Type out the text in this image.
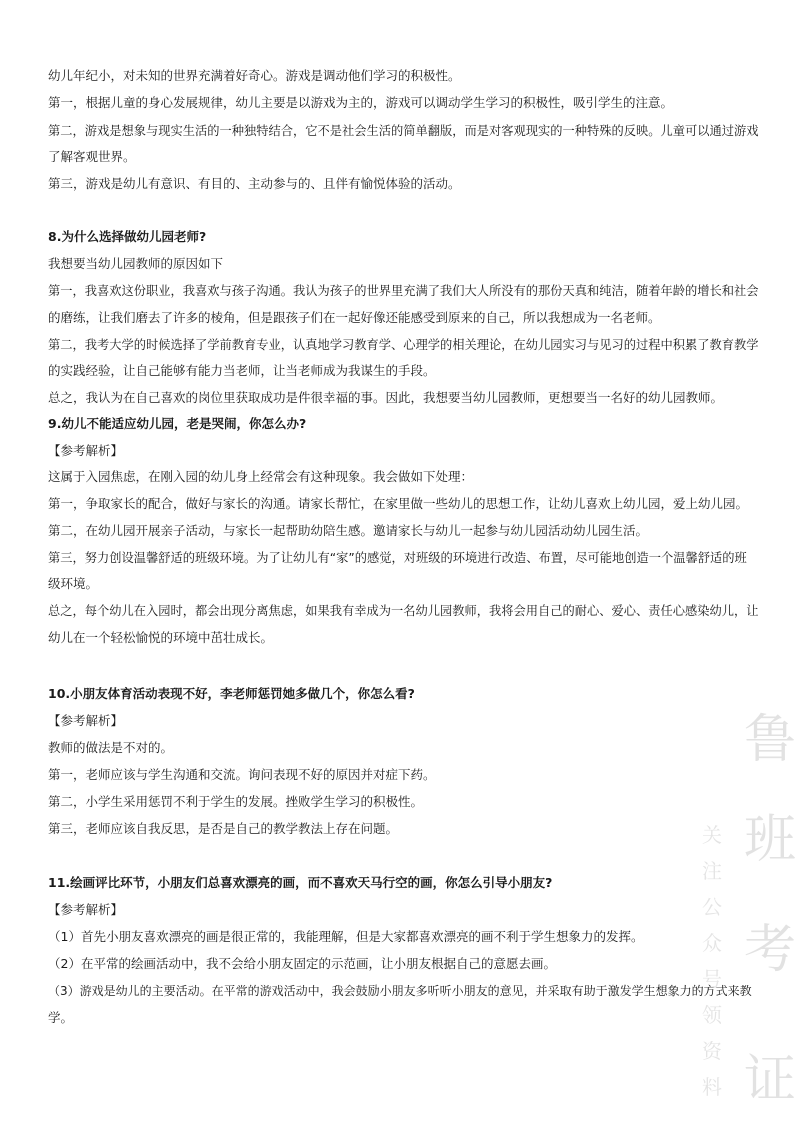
幼儿年纪小，对未知的世界充满着好奇心。游戏是调动他们学习的积极性。
第一，根据儿童的身心发展规律，幼儿主要是以游戏为主的，游戏可以调动学生学习的积极性，吸引学生的注意。
第二，游戏是想象与现实生活的一种独特结合，它不是社会生活的简单翻版，而是对客观现实的一种特殊的反映。儿童可以通过游戏
了解客观世界。
第三，游戏是幼儿有意识、有目的、主动参与的、且伴有愉悦体验的活动。
8.为什么选择做幼儿园老师?
我想要当幼儿园教师的原因如下
第一，我喜欢这份职业，我喜欢与孩子沟通。我认为孩子的世界里充满了我们大人所没有的那份天真和纯洁，随着年龄的增长和社会
的磨练，让我们磨去了许多的棱角，但是跟孩子们在一起好像还能感受到原来的自己，所以我想成为一名老师。
第二，我考大学的时候选择了学前教育专业，认真地学习教育学、心理学的相关理论，在幼儿园实习与见习的过程中积累了教育教学
的实践经验，让自己能够有能力当老师，让当老师成为我谋生的手段。
总之，我认为在自己喜欢的岗位里获取成功是件很幸福的事。因此，我想要当幼儿园教师，更想要当一名好的幼儿园教师。
9.幼儿不能适应幼儿园，老是哭闹，你怎么办?
【参考解析】
这属于入园焦虑，在刚入园的幼儿身上经常会有这种现象。我会做如下处理：
第一，争取家长的配合，做好与家长的沟通。请家长帮忙，在家里做一些幼儿的思想工作，让幼儿喜欢上幼儿园，爱上幼儿园。
第二，在幼儿园开展亲子活动，与家长一起帮助幼陪生感。邀请家长与幼儿一起参与幼儿园活动幼儿园生活。
第三，努力创设温馨舒适的班级环境。为了让幼儿有“家”的感觉，对班级的环境进行改造、布置，尽可能地创造一个温馨舒适的班
级环境。
总之，每个幼儿在入园时，都会出现分离焦虑，如果我有幸成为一名幼儿园教师，我将会用自己的耐心、爱心、责任心感染幼儿，让
幼儿在一个轻松愉悦的环境中茁壮成长。
10.小朋友体育活动表现不好，李老师惩罚她多做几个，你怎么看?
【参考解析】
教师的做法是不对的。
第一，老师应该与学生沟通和交流。询问表现不好的原因并对症下药。
第二，小学生采用惩罚不利于学生的发展。挫败学生学习的积极性。
第三，老师应该自我反思，是否是自己的教学教法上存在问题。
11.绘画评比环节，小朋友们总喜欢漂亮的画，而不喜欢天马行空的画，你怎么引导小朋友?
【参考解析】
（1）首先小朋友喜欢漂亮的画是很正常的，我能理解，但是大家都喜欢漂亮的画不利于学生想象力的发挥。
（2）在平常的绘画活动中，我不会给小朋友固定的示范画，让小朋友根据自己的意愿去画。
（3）游戏是幼儿的主要活动。在平常的游戏活动中，我会鼓励小朋友多听听小朋友的意见，并采取有助于激发学生想象力的方式来教
学。
鲁
班
考
证
关
注
公
众
号
领
资
料
